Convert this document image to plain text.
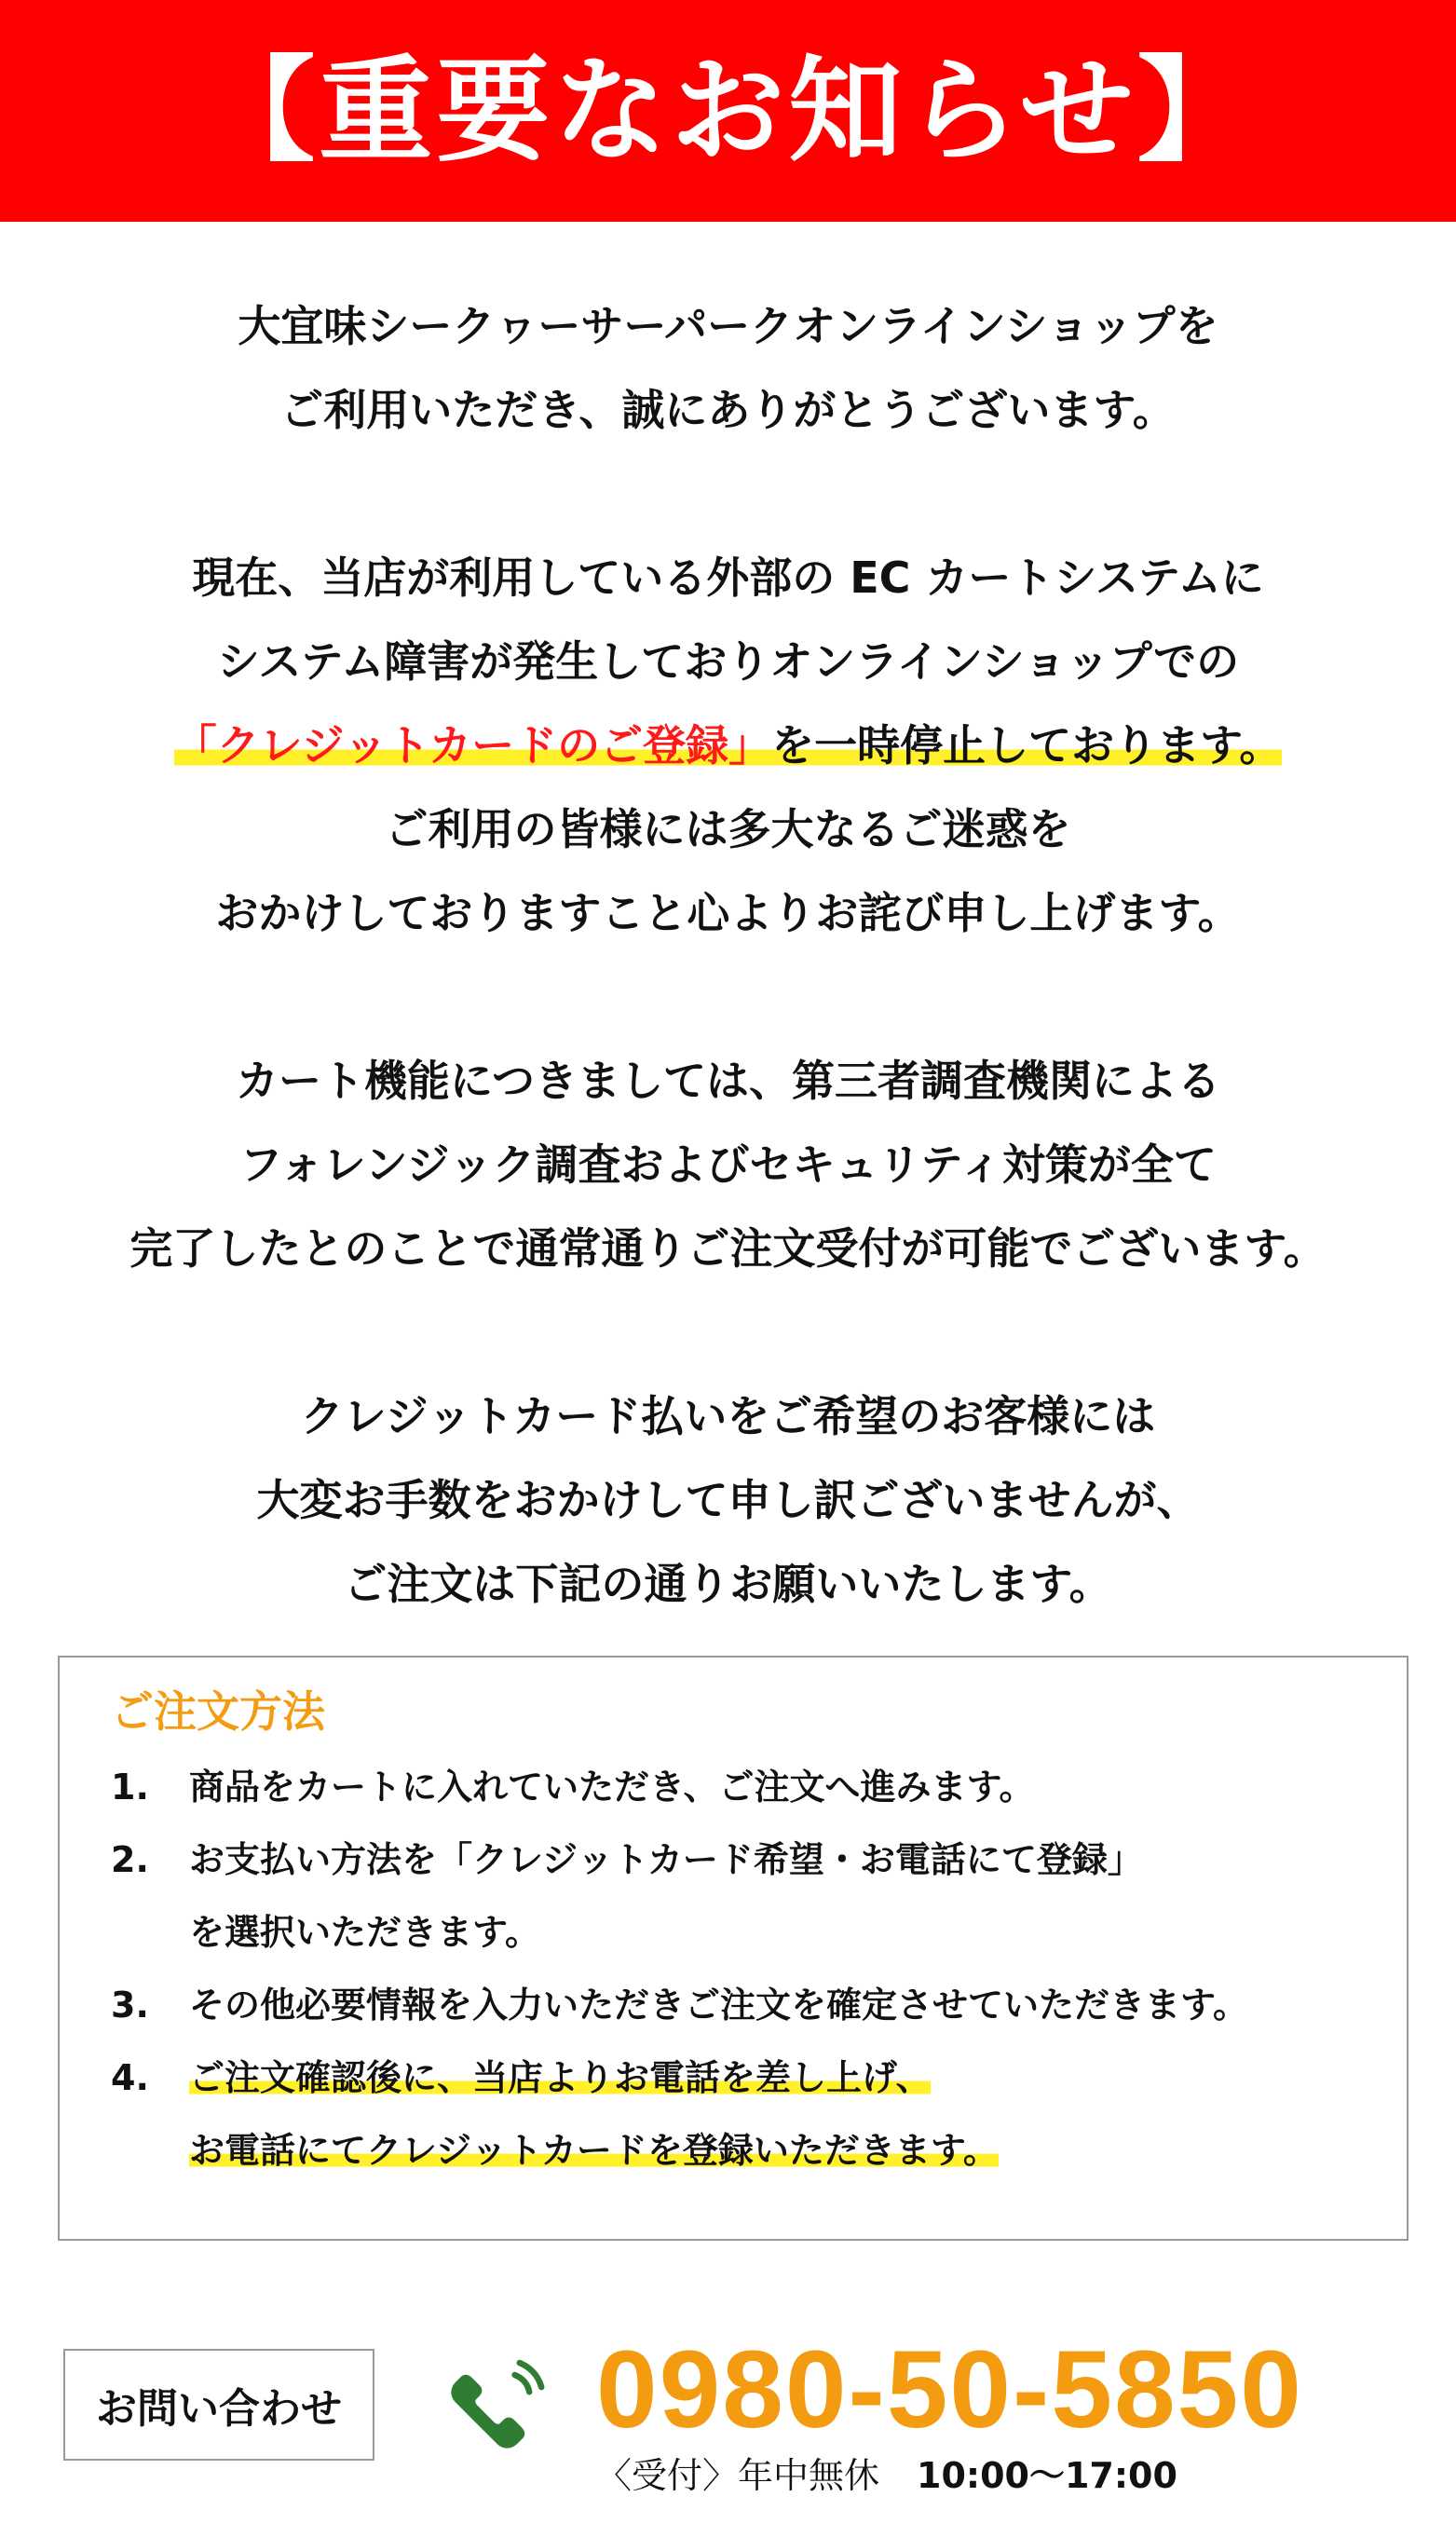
【重要なお知らせ】
大宜味シークヮーサーパークオンラインショップを
ご利用いただき、誠にありがとうございます。
現在、当店が利用している外部の EC カートシステムに
システム障害が発生しておりオンラインショップでの
「クレジットカードのご登録」を一時停止しております。
ご利用の皆様には多大なるご迷惑を
おかけしておりますこと心よりお詫び申し上げます。
カート機能につきましては、第三者調査機関による
フォレンジック調査およびセキュリティ対策が全て
完了したとのことで通常通りご注文受付が可能でございます。
クレジットカード払いをご希望のお客様には
大変お手数をおかけして申し訳ございませんが、
ご注文は下記の通りお願いいたします。
ご注文方法
1.	商品をカートに入れていただき、ご注文へ進みます。
2.	お支払い方法を「クレジットカード希望・お電話にて登録」
を選択いただきます。
3.	その他必要情報を入力いただきご注文を確定させていただきます。
4.	ご注文確認後に、当店よりお電話を差し上げ、
お電話にてクレジットカードを登録いただきます。
お問い合わせ 0980-50-5850
〈受付〉年中無休 10:00〜17:00
